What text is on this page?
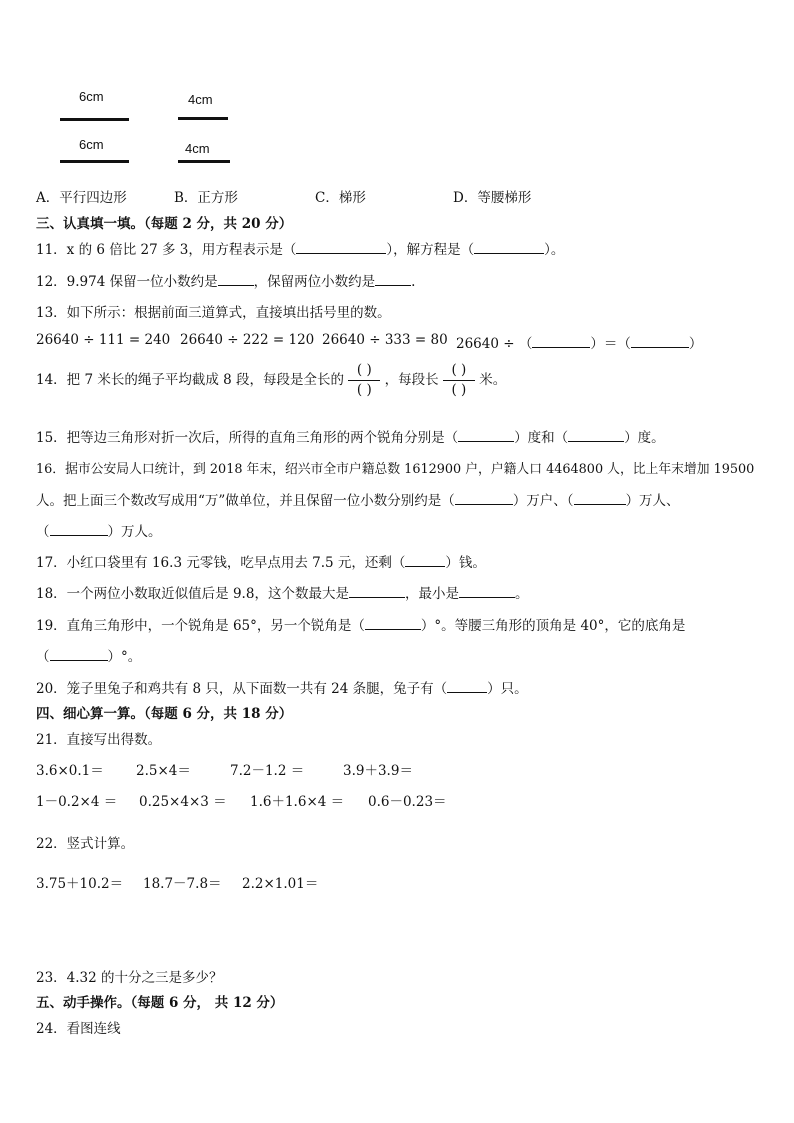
6cm	4cm
6cm	4cm
A．平行四边形	B．正方形	C．梯形	D．等腰梯形
三、认真填一填。（每题 2 分，共 20 分）
11．x 的 6 倍比 27 多 3，用方程表示是（	），解方程是（	）。
12．9.974 保留一位小数约是	，保留两位小数约是	.
13．如下所示：根据前面三道算式，直接填出括号里的数。
26640 ÷ 111 = 240 26640 ÷ 222 = 120 26640 ÷ 333 = 80 26640 ÷ （	）＝（	）
14．把 7 米长的绳子平均截成 8 段，每段是全长的 $\frac{( )}{( )}$ ，每段长 $\frac{( )}{( )}$ 米。
15．把等边三角形对折一次后，所得的直角三角形的两个锐角分别是（	）度和（	）度。
16．据市公安局人口统计，到 2018 年末，绍兴市全市户籍总数 1612900 户，户籍人口 4464800 人，比上年末增加 19500
人。把上面三个数改写成用“万”做单位，并且保留一位小数分别约是（	）万户、（	）万人、
（	）万人。
17．小红口袋里有 16.3 元零钱，吃早点用去 7.5 元，还剩（	）钱。
18．一个两位小数取近似值后是 9.8，这个数最大是	，最小是	。
19．直角三角形中，一个锐角是 65°，另一个锐角是（	）°。等腰三角形的顶角是 40°，它的底角是
（	）°。
20．笼子里兔子和鸡共有 8 只，从下面数一共有 24 条腿，兔子有（	）只。
四、细心算一算。（每题 6 分，共 18 分）
21．直接写出得数。
3.6×0.1＝ 2.5×4＝	7.2－1.2 ＝	3.9＋3.9＝
1－0.2×4 ＝ 0.25×4×3 ＝ 1.6＋1.6×4 ＝ 0.6－0.23＝
22．竖式计算。
3.75＋10.2＝ 18.7－7.8＝ 2.2×1.01＝
23．4.32 的十分之三是多少？
五、动手操作。（每题 6 分， 共 12 分）
24．看图连线
